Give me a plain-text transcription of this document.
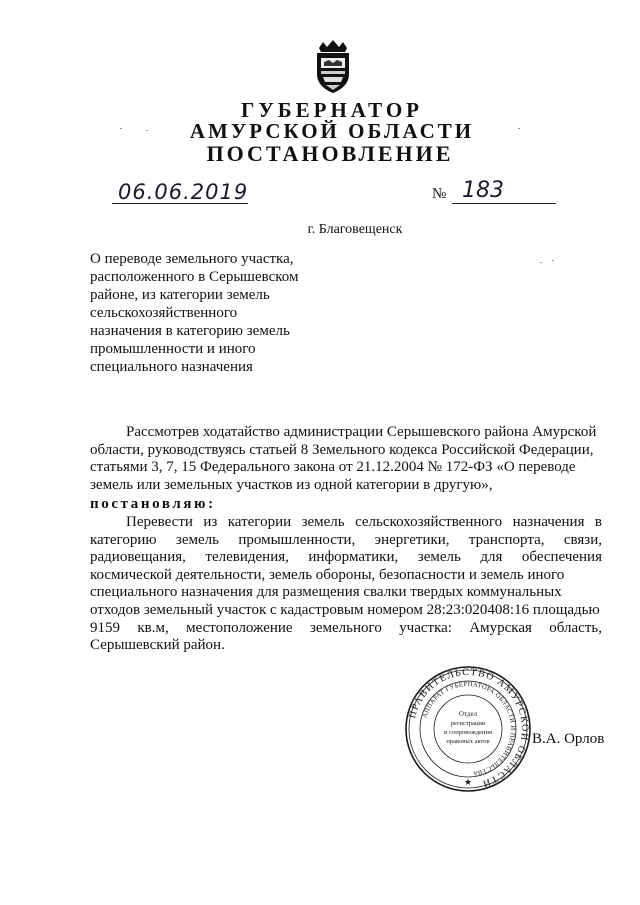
ГУБЕРНАТОР
АМУРСКОЙ ОБЛАСТИ
ПОСТАНОВЛЕНИЕ
06.06.2019	№ 183
г. Благовещенск
О переводе земельного участка,
расположенного в Серышевском
районе, из категории земель
сельскохозяйственного
назначения в категорию земель
промышленности и иного
специального назначения
Рассмотрев ходатайство администрации Серышевского района Амурской
области, руководствуясь статьей 8 Земельного кодекса Российской Федерации,
статьями 3, 7, 15 Федерального закона от 21.12.2004 № 172-ФЗ «О переводе
земель или земельных участков из одной категории в другую»,
постановляю:
Перевести из категории земель сельскохозяйственного назначения в
категорию земель промышленности, энергетики, транспорта, связи,
радиовещания, телевидения, информатики, земель для обеспечения
космической деятельности, земель обороны, безопасности и земель иного
специального назначения для размещения свалки твердых коммунальных
отходов земельный участок с кадастровым номером 28:23:020408:16 площадью
9159 кв.м, местоположение земельного участка: Амурская область,
Серышевский район.
ПРАВИТЕЛЬСТВО АМУРСКОЙ ОБЛАСТИ
АППАРАТ ГУБЕРНАТОРА ОБЛАСТИ И ПРАВИТЕЛЬСТВА
Отдел
регистрации
и сопровождения
правовых актов
★
В.А. Орлов
